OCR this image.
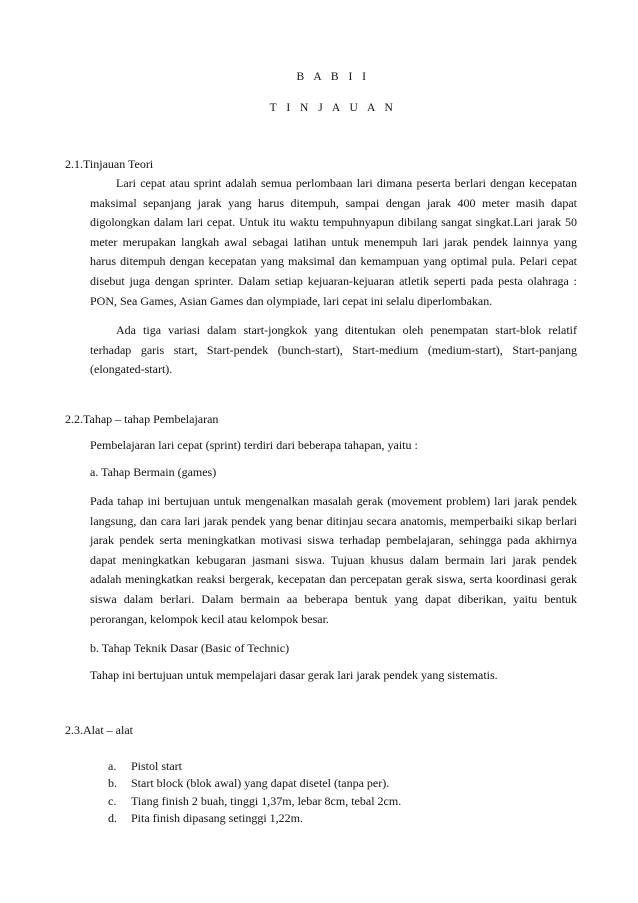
B A B I I
T I N J A U A N
2.1.Tinjauan Teori
Lari cepat atau sprint adalah semua perlombaan lari dimana peserta berlari dengan kecepatan maksimal sepanjang jarak yang harus ditempuh, sampai dengan jarak 400 meter masih dapat digolongkan dalam lari cepat. Untuk itu waktu tempuhnyapun dibilang sangat singkat.Lari jarak 50 meter merupakan langkah awal sebagai latihan untuk menempuh lari jarak pendek lainnya yang harus ditempuh dengan kecepatan yang maksimal dan kemampuan yang optimal pula. Pelari cepat disebut juga dengan sprinter. Dalam setiap kejuaran-kejuaran atletik seperti pada pesta olahraga : PON, Sea Games, Asian Games dan olympiade, lari cepat ini selalu diperlombakan.
Ada tiga variasi dalam start-jongkok yang ditentukan oleh penempatan start-blok relatif terhadap garis start, Start-pendek (bunch-start), Start-medium (medium-start), Start-panjang (elongated-start).
2.2.Tahap – tahap Pembelajaran
Pembelajaran lari cepat (sprint) terdiri dari beberapa tahapan, yaitu :
a. Tahap Bermain (games)
Pada tahap ini bertujuan untuk mengenalkan masalah gerak (movement problem) lari jarak pendek langsung, dan cara lari jarak pendek yang benar ditinjau secara anatomis, memperbaiki sikap berlari jarak pendek serta meningkatkan motivasi siswa terhadap pembelajaran, sehingga pada akhirnya dapat meningkatkan kebugaran jasmani siswa. Tujuan khusus dalam bermain lari jarak pendek adalah meningkatkan reaksi bergerak, kecepatan dan percepatan gerak siswa, serta koordinasi gerak siswa dalam berlari. Dalam bermain aa beberapa bentuk yang dapat diberikan, yaitu bentuk perorangan, kelompok kecil atau kelompok besar.
b. Tahap Teknik Dasar (Basic of Technic)
Tahap ini bertujuan untuk mempelajari dasar gerak lari jarak pendek yang sistematis.
2.3.Alat – alat
a. Pistol start
b. Start block (blok awal) yang dapat disetel (tanpa per).
c. Tiang finish 2 buah, tinggi 1,37m, lebar 8cm, tebal 2cm.
d. Pita finish dipasang setinggi 1,22m.
